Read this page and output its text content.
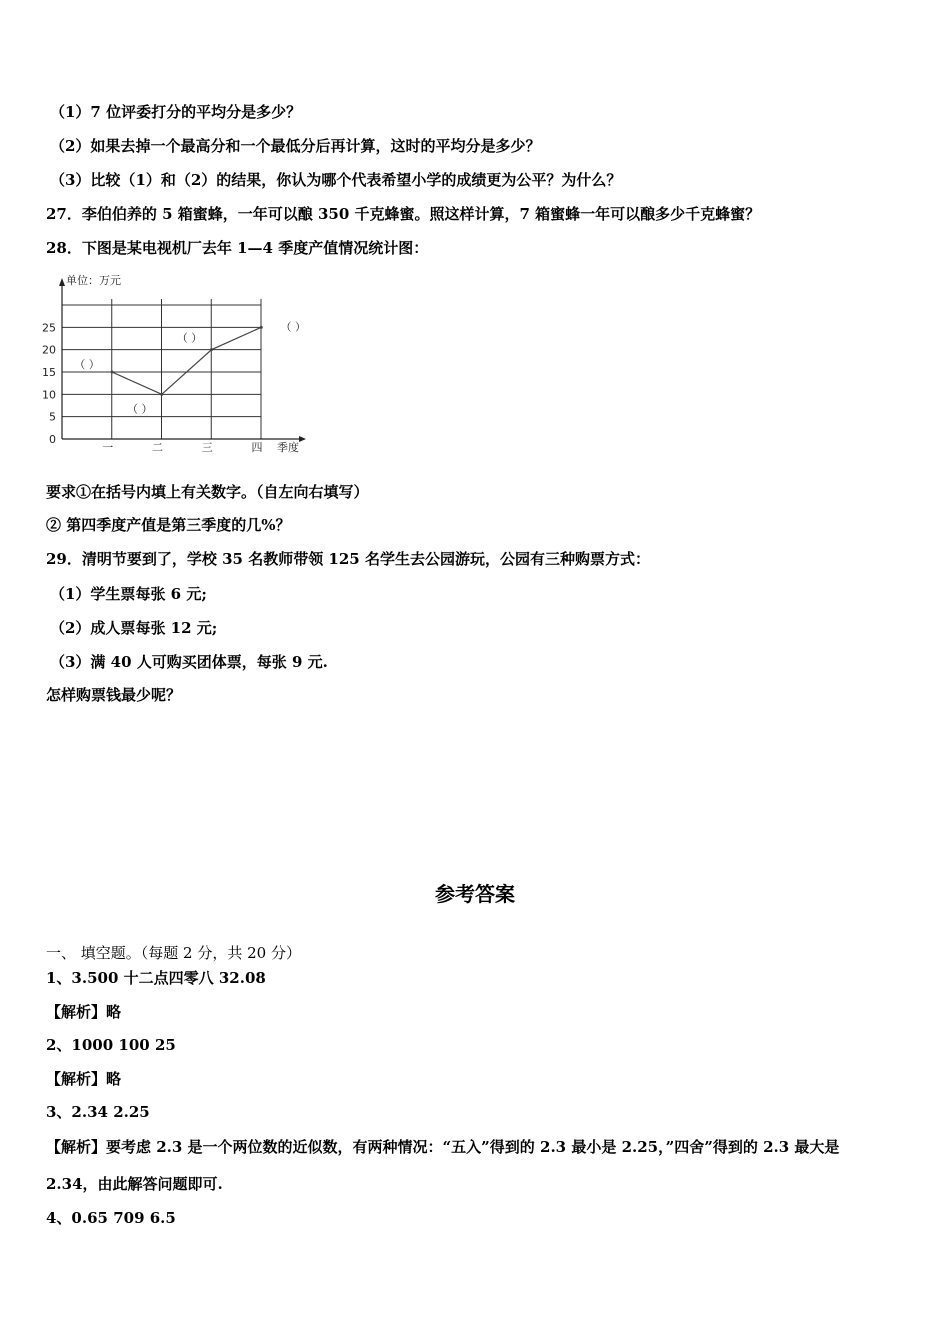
（1）7 位评委打分的平均分是多少？
（2）如果去掉一个最高分和一个最低分后再计算，这时的平均分是多少？
（3）比较（1）和（2）的结果，你认为哪个代表希望小学的成绩更为公平？为什么？
27．李伯伯养的 5 箱蜜蜂，一年可以酿 350 千克蜂蜜。照这样计算，7 箱蜜蜂一年可以酿多少千克蜂蜜？
28．下图是某电视机厂去年 1—4 季度产值情况统计图：
0
5
10
15
20
25
一	二	三	四
（ ）
（ ）
（ ）
（ ）
单位：万元
季度
要求①在括号内填上有关数字。（自左向右填写）
② 第四季度产值是第三季度的几%？
29．清明节要到了，学校 35 名教师带领 125 名学生去公园游玩，公园有三种购票方式：
（1）学生票每张 6 元;
（2）成人票每张 12 元;
（3）满 40 人可购买团体票，每张 9 元.
怎样购票钱最少呢？
参考答案
一、 填空题。（每题 2 分，共 20 分）
1、3.500 十二点四零八 32.08
【解析】略
2、1000 100 25
【解析】略
3、2.34 2.25
【解析】要考虑 2.3 是一个两位数的近似数，有两种情况：“五入”得到的 2.3 最小是 2.25，”四舍”得到的 2.3 最大是
2.34，由此解答问题即可.
4、0.65 709 6.5
